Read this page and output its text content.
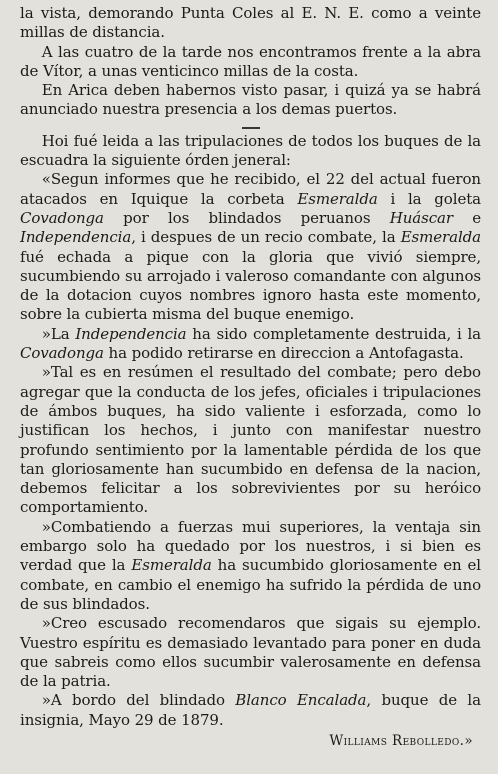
la vista, demorando Punta Coles al E. N. E. como a veinte millas de distancia.

A las cuatro de la tarde nos encontramos frente a la abra de Vítor, a unas venticinco millas de la costa.

En Arica deben habernos visto pasar, i quizá ya se habrá anunciado nuestra presencia a los demas puertos.

Hoi fué leida a las tripulaciones de todos los buques de la escuadra la siguiente órden jeneral:

«Segun informes que he recibido, el 22 del actual fueron atacados en Iquique la corbeta Esmeralda i la goleta Covadonga por los blindados peruanos Huáscar e Independencia, i despues de un recio combate, la Esmeralda fué echada a pique con la gloria que vivió siempre, sucumbiendo su arrojado i valeroso comandante con algunos de la dotacion cuyos nombres ignoro hasta este momento, sobre la cubierta misma del buque enemigo.

»La Independencia ha sido completamente destruida, i la Covadonga ha podido retirarse en direccion a Antofagasta.

»Tal es en resúmen el resultado del combate; pero debo agregar que la conducta de los jefes, oficiales i tripulaciones de ámbos buques, ha sido valiente i esforzada, como lo justifican los hechos, i junto con manifestar nuestro profundo sentimiento por la lamentable pérdida de los que tan gloriosamente han sucumbido en defensa de la nacion, debemos felicitar a los sobrevivientes por su heróico comportamiento.

»Combatiendo a fuerzas mui superiores, la ventaja sin embargo solo ha quedado por los nuestros, i si bien es verdad que la Esmeralda ha sucumbido gloriosamente en el combate, en cambio el enemigo ha sufrido la pérdida de uno de sus blindados.

»Creo escusado recomendaros que sigais su ejemplo. Vuestro espíritu es demasiado levantado para poner en duda que sabreis como ellos sucumbir valerosamente en defensa de la patria.

»A bordo del blindado Blanco Encalada, buque de la insignia, Mayo 29 de 1879.

Williams Rebolledo.»
